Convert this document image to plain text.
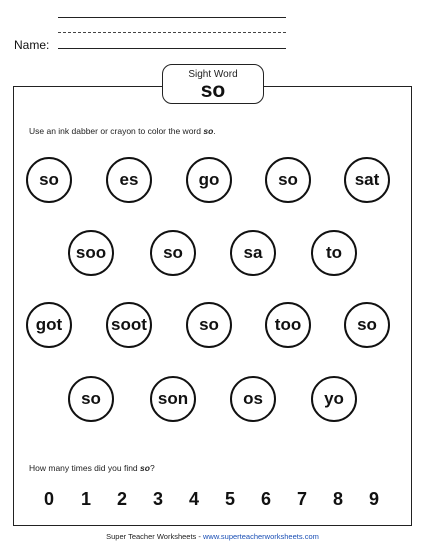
Name:
Sight Word
so
Use an ink dabber or crayon to color the word so.
so	es	go	so	sat
soo	so	sa	to
got	soot	so	too	so
so	son	os	yo
How many times did you find so?
0 1 2 3 4 5 6 7 8 9
Super Teacher Worksheets - www.superteacherworksheets.com
